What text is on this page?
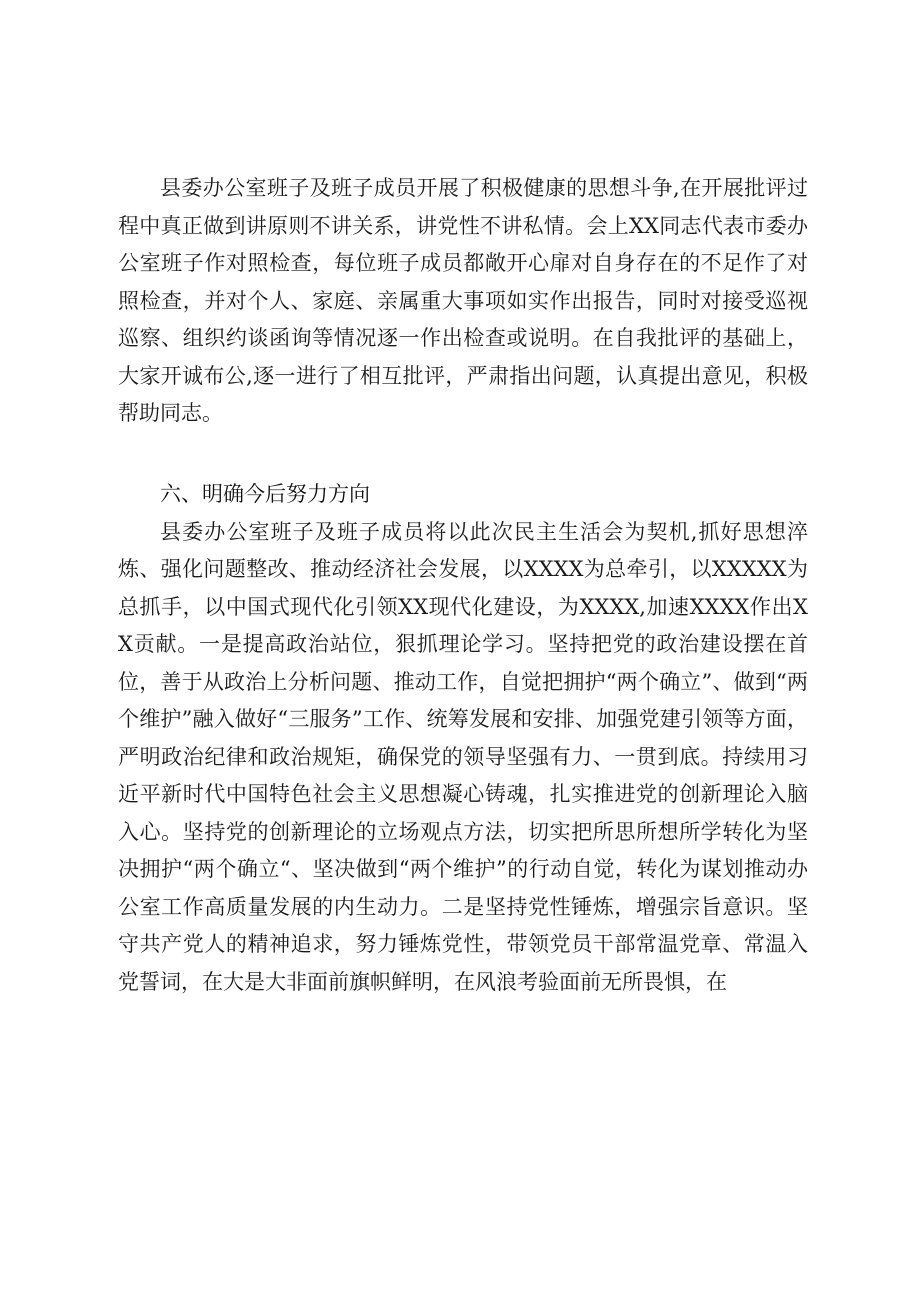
县委办公室班子及班子成员开展了积极健康的思想斗争,在开展批评过程中真正做到讲原则不讲关系，讲党性不讲私情。会上XX同志代表市委办公室班子作对照检查，每位班子成员都敞开心扉对自身存在的不足作了对照检查，并对个人、家庭、亲属重大事项如实作出报告，同时对接受巡视巡察、组织约谈函询等情况逐一作出检查或说明。在自我批评的基础上，大家开诚布公,逐一进行了相互批评，严肃指出问题，认真提出意见，积极帮助同志。

六、明确今后努力方向

县委办公室班子及班子成员将以此次民主生活会为契机,抓好思想淬炼、强化问题整改、推动经济社会发展，以XXXX为总牵引，以XXXXX为总抓手，以中国式现代化引领XX现代化建设，为XXXX,加速XXXX作出XX贡献。一是提高政治站位，狠抓理论学习。坚持把党的政治建设摆在首位，善于从政治上分析问题、推动工作，自觉把拥护“两个确立”、做到“两个维护”融入做好“三服务”工作、统筹发展和安排、加强党建引领等方面，严明政治纪律和政治规矩，确保党的领导坚强有力、一贯到底。持续用习近平新时代中国特色社会主义思想凝心铸魂，扎实推进党的创新理论入脑入心。坚持党的创新理论的立场观点方法，切实把所思所想所学转化为坚决拥护“两个确立“、坚决做到“两个维护”的行动自觉，转化为谋划推动办公室工作高质量发展的内生动力。二是坚持党性锤炼，增强宗旨意识。坚守共产党人的精神追求，努力锤炼党性，带领党员干部常温党章、常温入党誓词，在大是大非面前旗帜鲜明，在风浪考验面前无所畏惧，在
